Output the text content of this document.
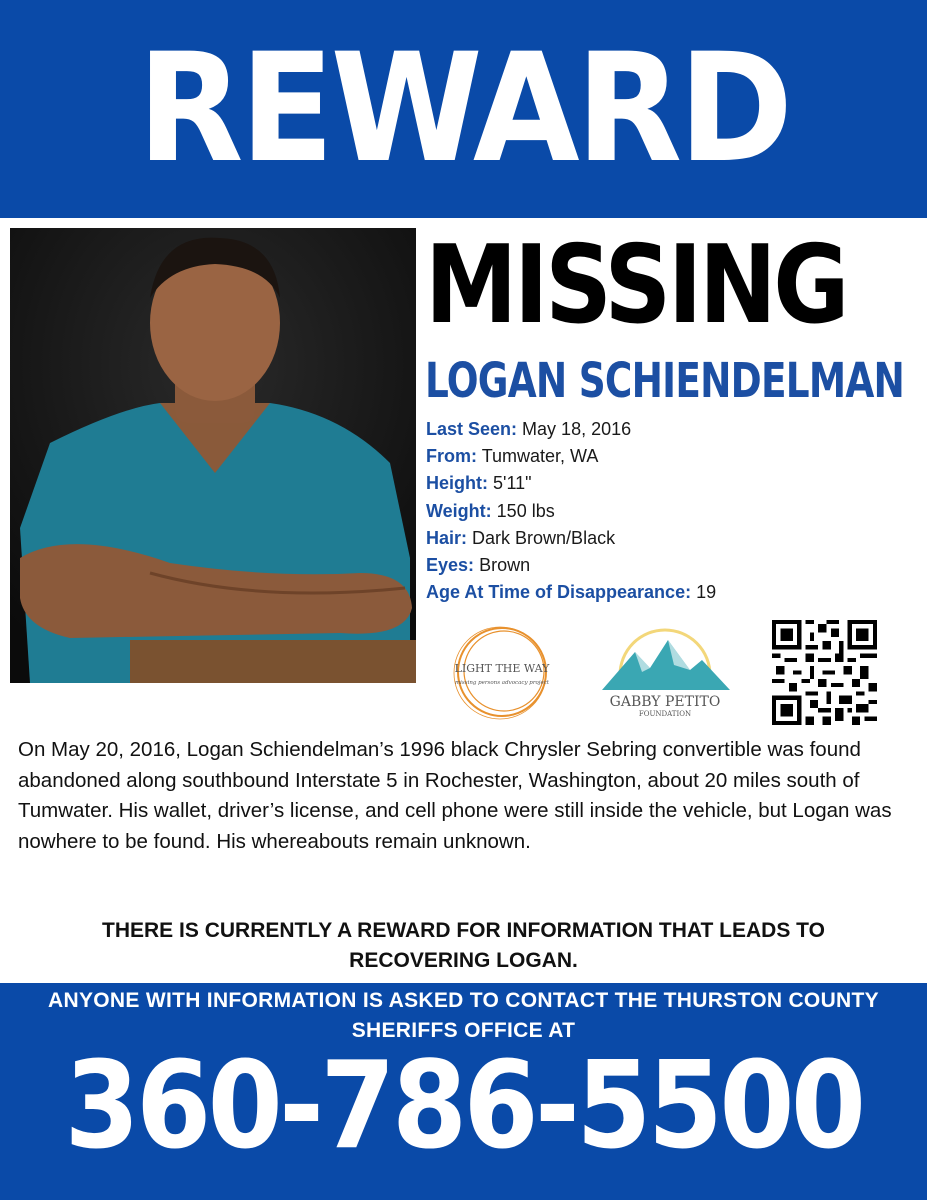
REWARD
MISSING
LOGAN SCHIENDELMAN
Last Seen: May 18, 2016
From: Tumwater, WA
Height: 5'11"
Weight: 150 lbs
Hair: Dark Brown/Black
Eyes: Brown
Age At Time of Disappearance: 19
LIGHT THE WAY
missing persons advocacy project
GABBY PETITO
FOUNDATION

On May 20, 2016, Logan Schiendelman’s 1996 black Chrysler Sebring convertible was found abandoned along southbound Interstate 5 in Rochester, Washington, about 20 miles south of Tumwater. His wallet, driver’s license, and cell phone were still inside the vehicle, but Logan was nowhere to be found. His whereabouts remain unknown.

THERE IS CURRENTLY A REWARD FOR INFORMATION THAT LEADS TO RECOVERING LOGAN.

ANYONE WITH INFORMATION IS ASKED TO CONTACT THE THURSTON COUNTY SHERIFFS OFFICE AT

360-786-5500
